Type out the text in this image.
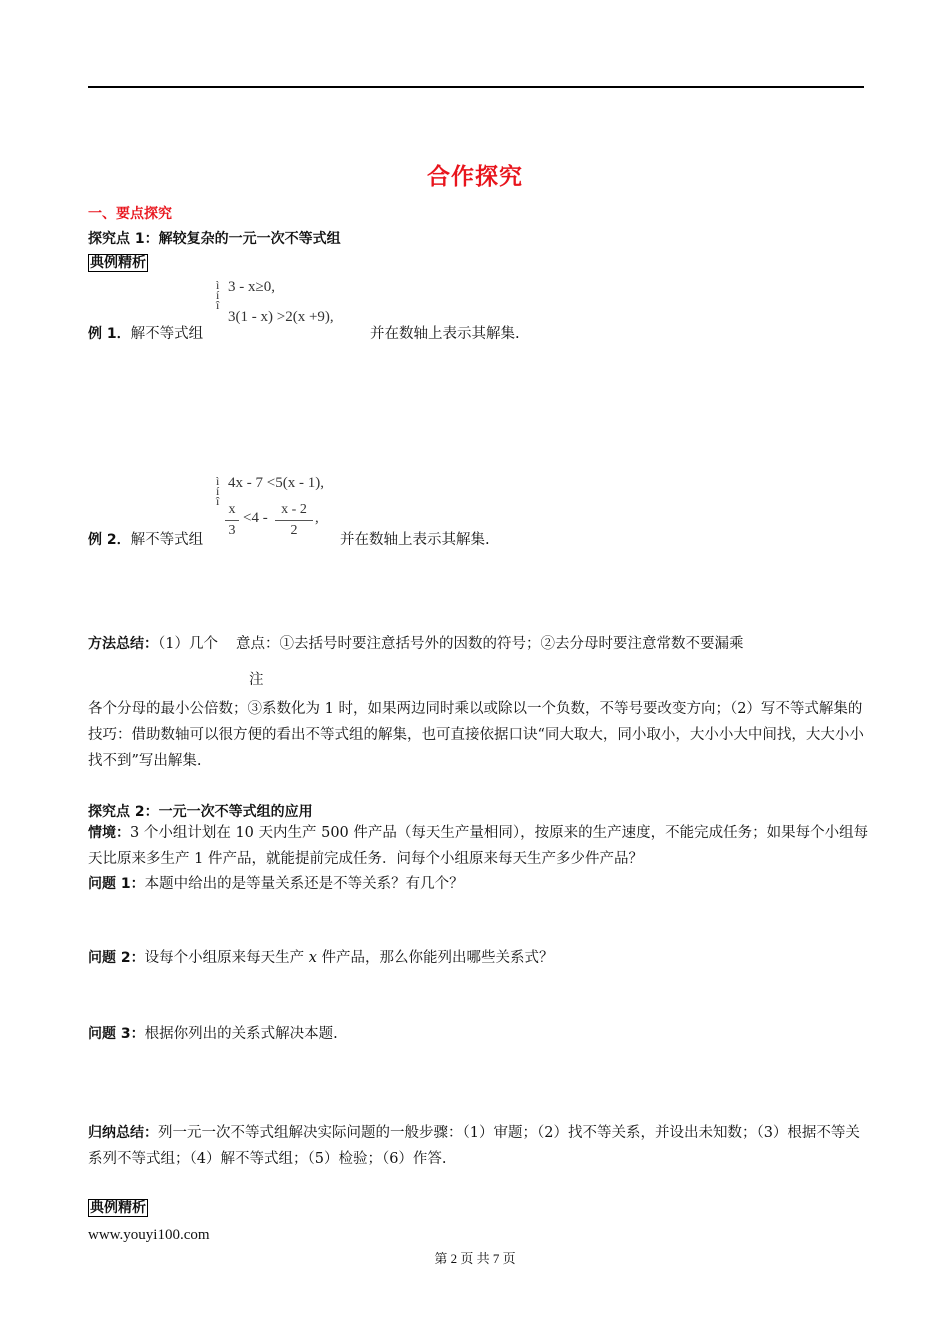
合作探究
一、要点探究
探究点 1：解较复杂的一元一次不等式组
典例精析
ì
í
î
3 - x≥0,
3(1 - x) >2(x +9),
例 1．解不等式组	并在数轴上表示其解集.
ì
í
î
4x - 7 <5(x - 1),
x
3
<4 -
x - 2
2
,
例 2．解不等式组	并在数轴上表示其解集.
方法总结：（1）几个 意点：①去括号时要注意括号外的因数的符号；②去分母时要注意常数不要漏乘
注
各个分母的最小公倍数；③系数化为 1 时，如果两边同时乘以或除以一个负数，不等号要改变方向；（2）写不等式解集的技巧：借助数轴可以很方便的看出不等式组的解集，也可直接依据口诀“同大取大，同小取小，大小小大中间找，大大小小找不到”写出解集.
探究点 2：一元一次不等式组的应用
情境：3 个小组计划在 10 天内生产 500 件产品（每天生产量相同），按原来的生产速度，不能完成任务；如果每个小组每天比原来多生产 1 件产品，就能提前完成任务．问每个小组原来每天生产多少件产品？
问题 1：本题中给出的是等量关系还是不等关系？有几个？
问题 2：设每个小组原来每天生产 x 件产品，那么你能列出哪些关系式？
问题 3：根据你列出的关系式解决本题.
归纳总结：列一元一次不等式组解决实际问题的一般步骤：（1）审题；（2）找不等关系，并设出未知数；（3）根据不等关系列不等式组；（4）解不等式组；（5）检验；（6）作答.
典例精析
www.youyi100.com
第 2 页 共 7 页
